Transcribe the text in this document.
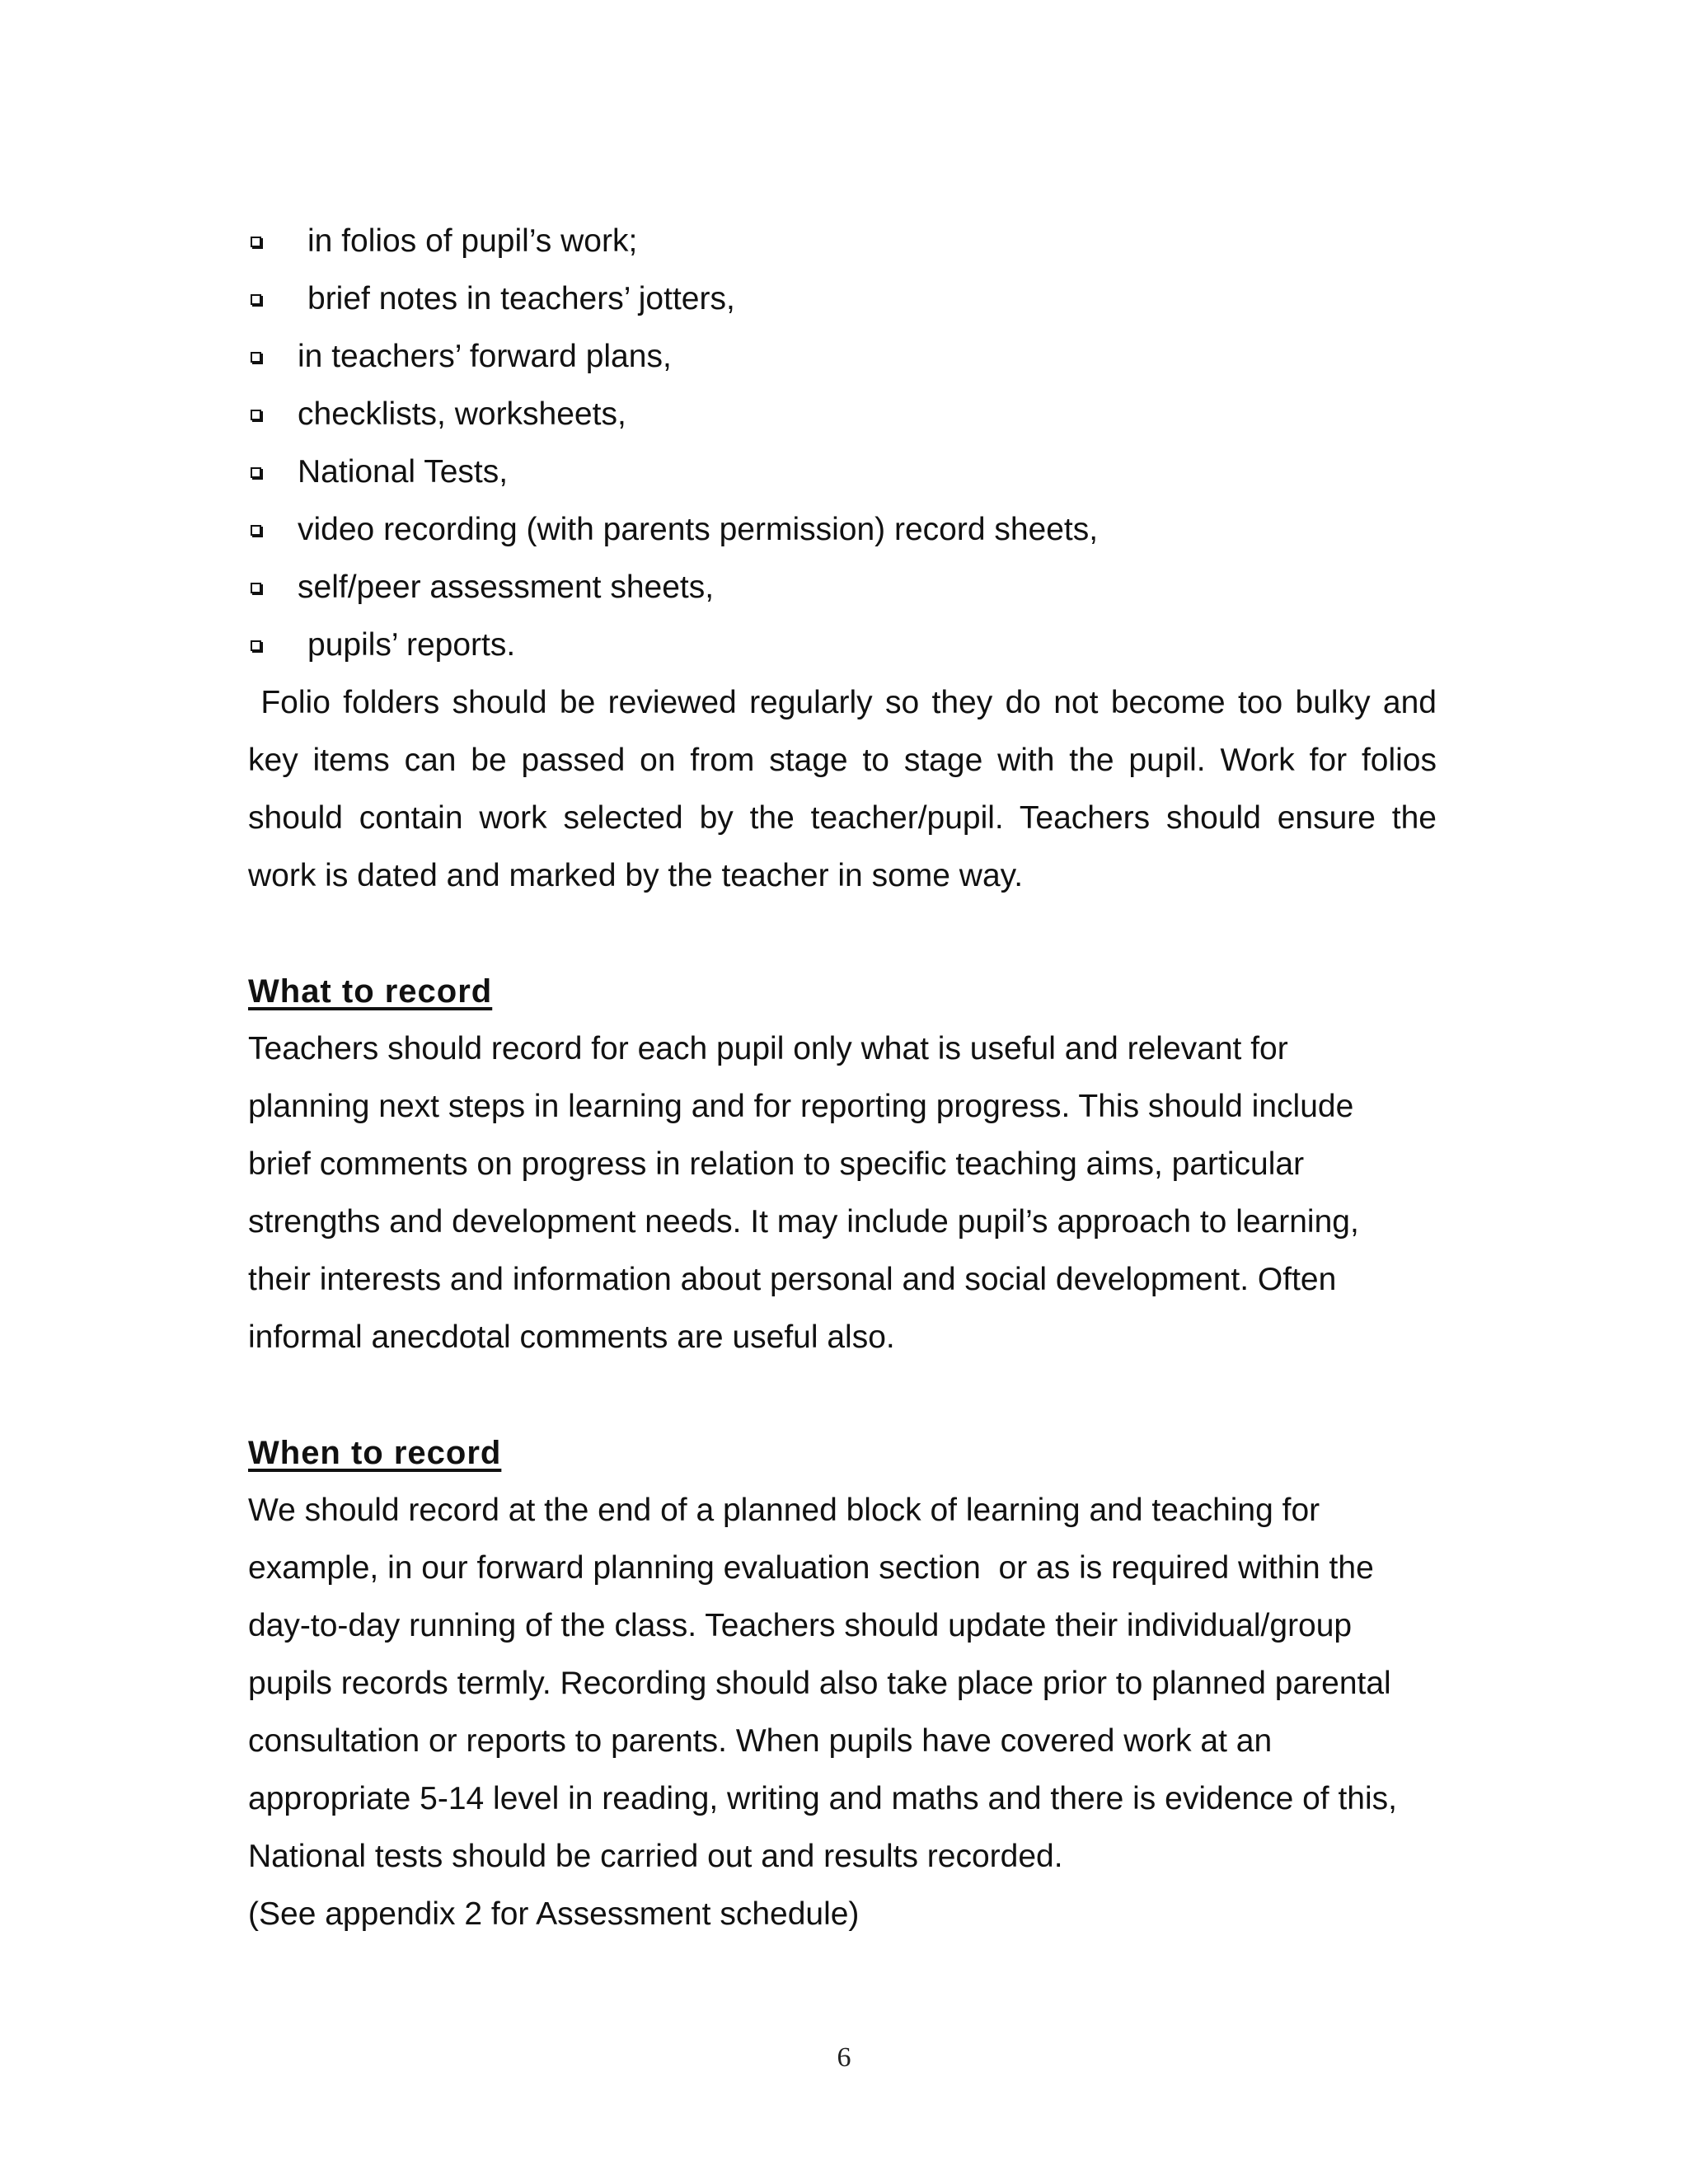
in folios of pupil’s work;
brief notes in teachers’ jotters,
in teachers’ forward plans,
checklists, worksheets,
National Tests,
video recording (with parents permission) record sheets,
self/peer assessment sheets,
pupils’ reports.

Folio folders should be reviewed regularly so they do not become too bulky and key items can be passed on from stage to stage with the pupil. Work for folios should contain work selected by the teacher/pupil. Teachers should ensure the work is dated and marked by the teacher in some way.

What to record

Teachers should record for each pupil only what is useful and relevant for

planning next steps in learning and for reporting progress. This should include

brief comments on progress in relation to specific teaching aims, particular

strengths and development needs. It may include pupil’s approach to learning,

their interests and information about personal and social development. Often

informal anecdotal comments are useful also.

When to record

We should record at the end of a planned block of learning and teaching for

example, in our forward planning evaluation section  or as is required within the

day-to-day running of the class. Teachers should update their individual/group

pupils records termly. Recording should also take place prior to planned parental

consultation or reports to parents. When pupils have covered work at an

appropriate 5-14 level in reading, writing and maths and there is evidence of this,

National tests should be carried out and results recorded.

(See appendix 2 for Assessment schedule)

6
